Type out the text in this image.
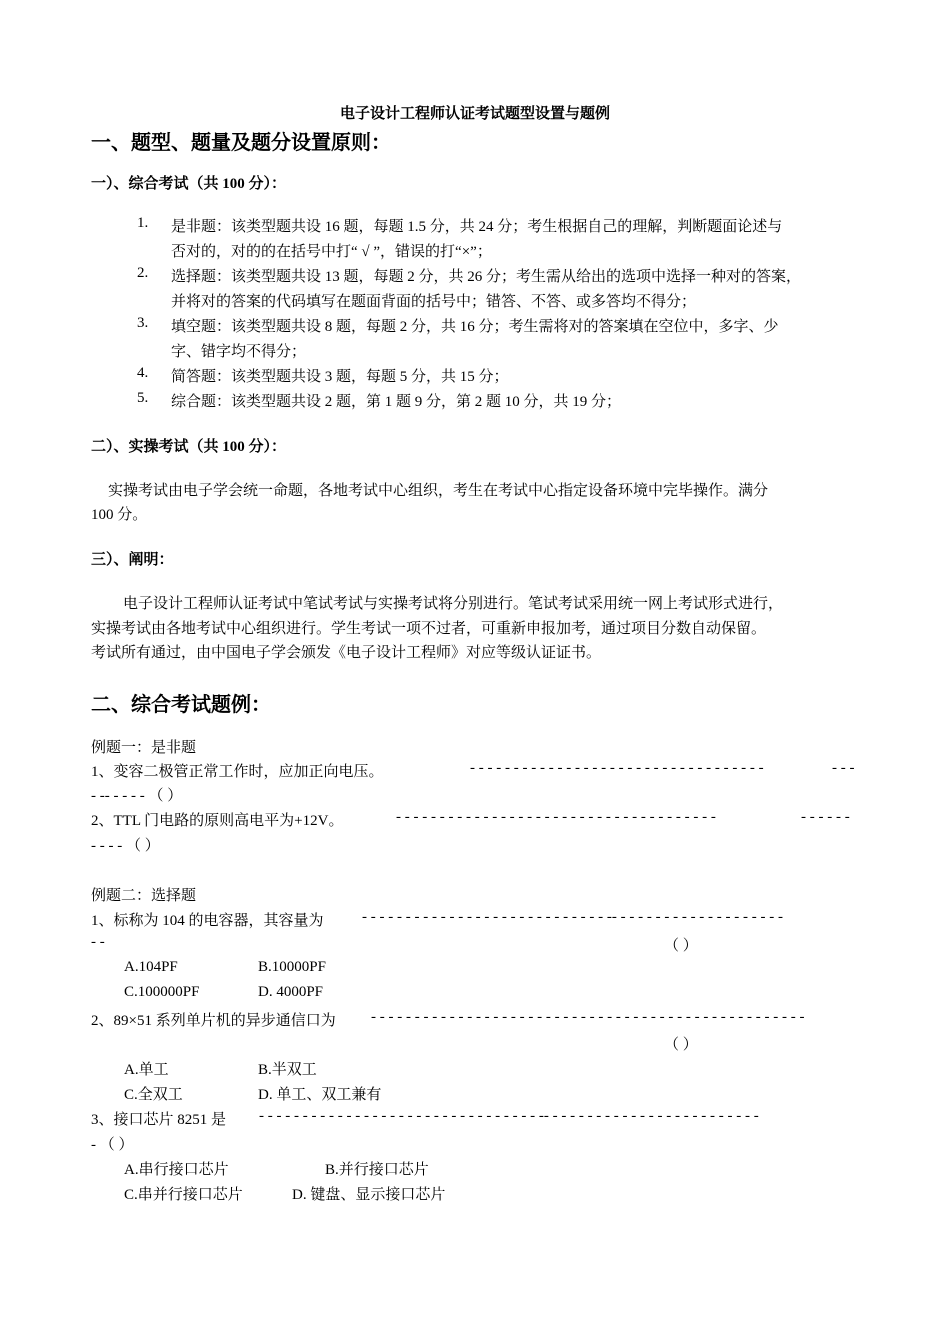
电子设计工程师认证考试题型设置与题例
一、题型、题量及题分设置原则：
一）、综合考试（共 100 分）：
1. 是非题：该类型题共设 16 题，每题 1.5 分，共 24 分；考生根据自己的理解，判断题面论述与
否对的，对的的在括号中打“ √ ”，错误的打“×”；
2. 选择题：该类型题共设 13 题，每题 2 分，共 26 分；考生需从给出的选项中选择一种对的答案，
并将对的答案的代码填写在题面背面的括号中；错答、不答、或多答均不得分；
3. 填空题：该类型题共设 8 题，每题 2 分，共 16 分；考生需将对的答案填在空位中，多字、少
字、错字均不得分；
4. 简答题：该类型题共设 3 题，每题 5 分，共 15 分；
5. 综合题：该类型题共设 2 题，第 1 题 9 分，第 2 题 10 分，共 19 分；
二）、实操考试（共 100 分）：
实操考试由电子学会统一命题，各地考试中心组织，考生在考试中心指定设备环境中完毕操作。满分
100 分。
三）、阐明：
电子设计工程师认证考试中笔试考试与实操考试将分别进行。笔试考试采用统一网上考试形式进行，
实操考试由各地考试中心组织进行。学生考试一项不过者，可重新申报加考，通过项目分数自动保留。
考试所有通过，由中国电子学会颁发《电子设计工程师》对应等级认证证书。
二、综合考试题例：
例题一：是非题
1、变容二极管正常工作时，应加正向电压。	- - - - - - - - - - - - - - - - - - - - - - - - - - - - - - - - - -	- - -
- -- - - - - （ ）
2、TTL 门电路的原则高电平为+12V。	- - - - - - - - - - - - - - - - - - - - - - - - - - - - - - - - - - - - -	- - - - - -
- - - - （ ）
例题二：选择题
1、标称为 104 的电容器，其容量为	- - - - - - - - - - - - - - - - - - - - - - - - - - - - -- - - - - - - - - - - - - - - - - - - -
- -	（ ）
A.104PF	B.10000PF
C.100000PF	D. 4000PF
2、89×51 系列单片机的异步通信口为 - - - - - - - - - - - - - - - - - - - - - - - - - - - - - - - - - - - - - - - - - - - - - - - - - -
（ ）
A.单工	B.半双工
C.全双工	D. 单工、双工兼有
3、接口芯片 8251 是 - - - - - - - - - - - - - - - - - - - - - - - - - - - - - - - - -- - - - - - - - - - - - - - - - - - - - - - - - -
- （ ）
A.串行接口芯片	B.并行接口芯片
C.串并行接口芯片	D. 键盘、显示接口芯片
